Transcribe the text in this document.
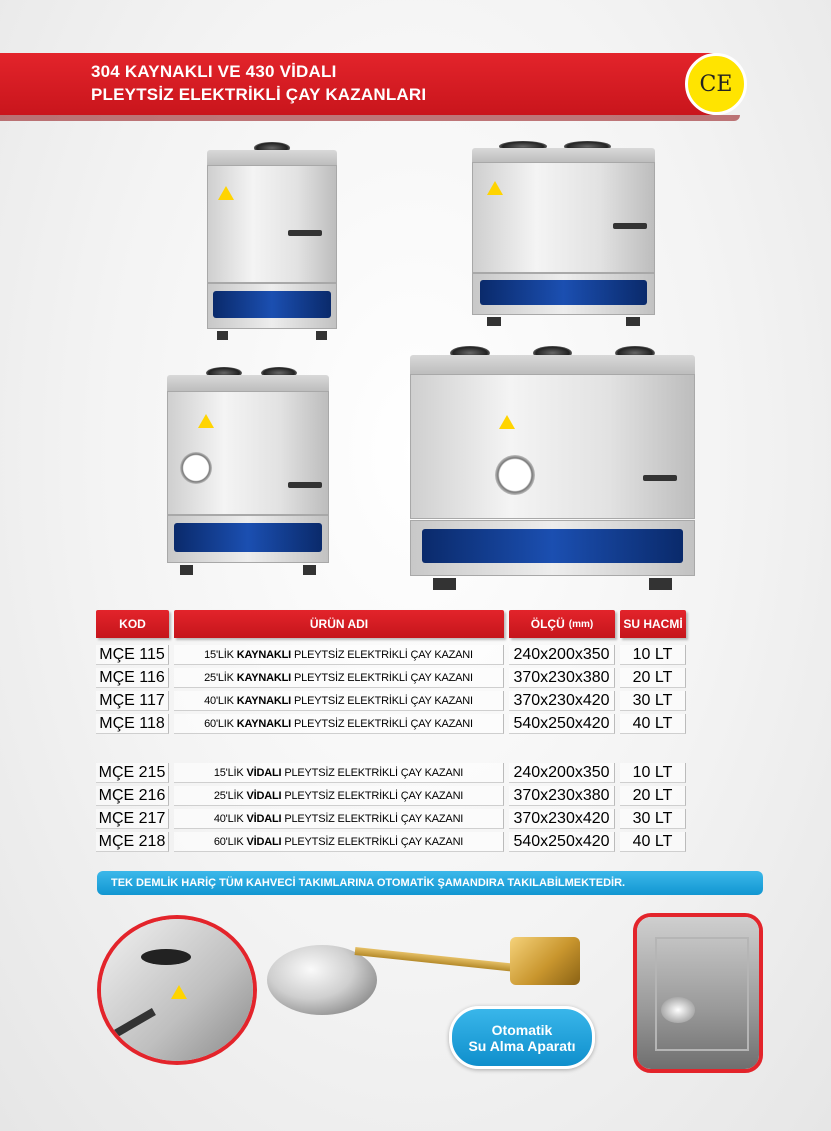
304 KAYNAKLI VE 430 VİDALI
PLEYTSİZ ELEKTRİKLİ ÇAY KAZANLARI	CE
KOD	ÜRÜN ADI	ÖLÇÜ (mm)	SU HACMİ
MÇE 115	15'LİK KAYNAKLI PLEYTSİZ ELEKTRİKLİ ÇAY KAZANI	240x200x350	10 LT
MÇE 116	25'LİK KAYNAKLI PLEYTSİZ ELEKTRİKLİ ÇAY KAZANI	370x230x380	20 LT
MÇE 117	40'LIK KAYNAKLI PLEYTSİZ ELEKTRİKLİ ÇAY KAZANI	370x230x420	30 LT
MÇE 118	60'LIK KAYNAKLI PLEYTSİZ ELEKTRİKLİ ÇAY KAZANI	540x250x420	40 LT
MÇE 215	15'LİK VİDALI PLEYTSİZ ELEKTRİKLİ ÇAY KAZANI	240x200x350	10 LT
MÇE 216	25'LİK VİDALI PLEYTSİZ ELEKTRİKLİ ÇAY KAZANI	370x230x380	20 LT
MÇE 217	40'LIK VİDALI PLEYTSİZ ELEKTRİKLİ ÇAY KAZANI	370x230x420	30 LT
MÇE 218	60'LIK VİDALI PLEYTSİZ ELEKTRİKLİ ÇAY KAZANI	540x250x420	40 LT
TEK DEMLİK HARİÇ TÜM KAHVECİ TAKIMLARINA OTOMATİK ŞAMANDIRA TAKILABİLMEKTEDİR.
Otomatik
Su Alma Aparatı
